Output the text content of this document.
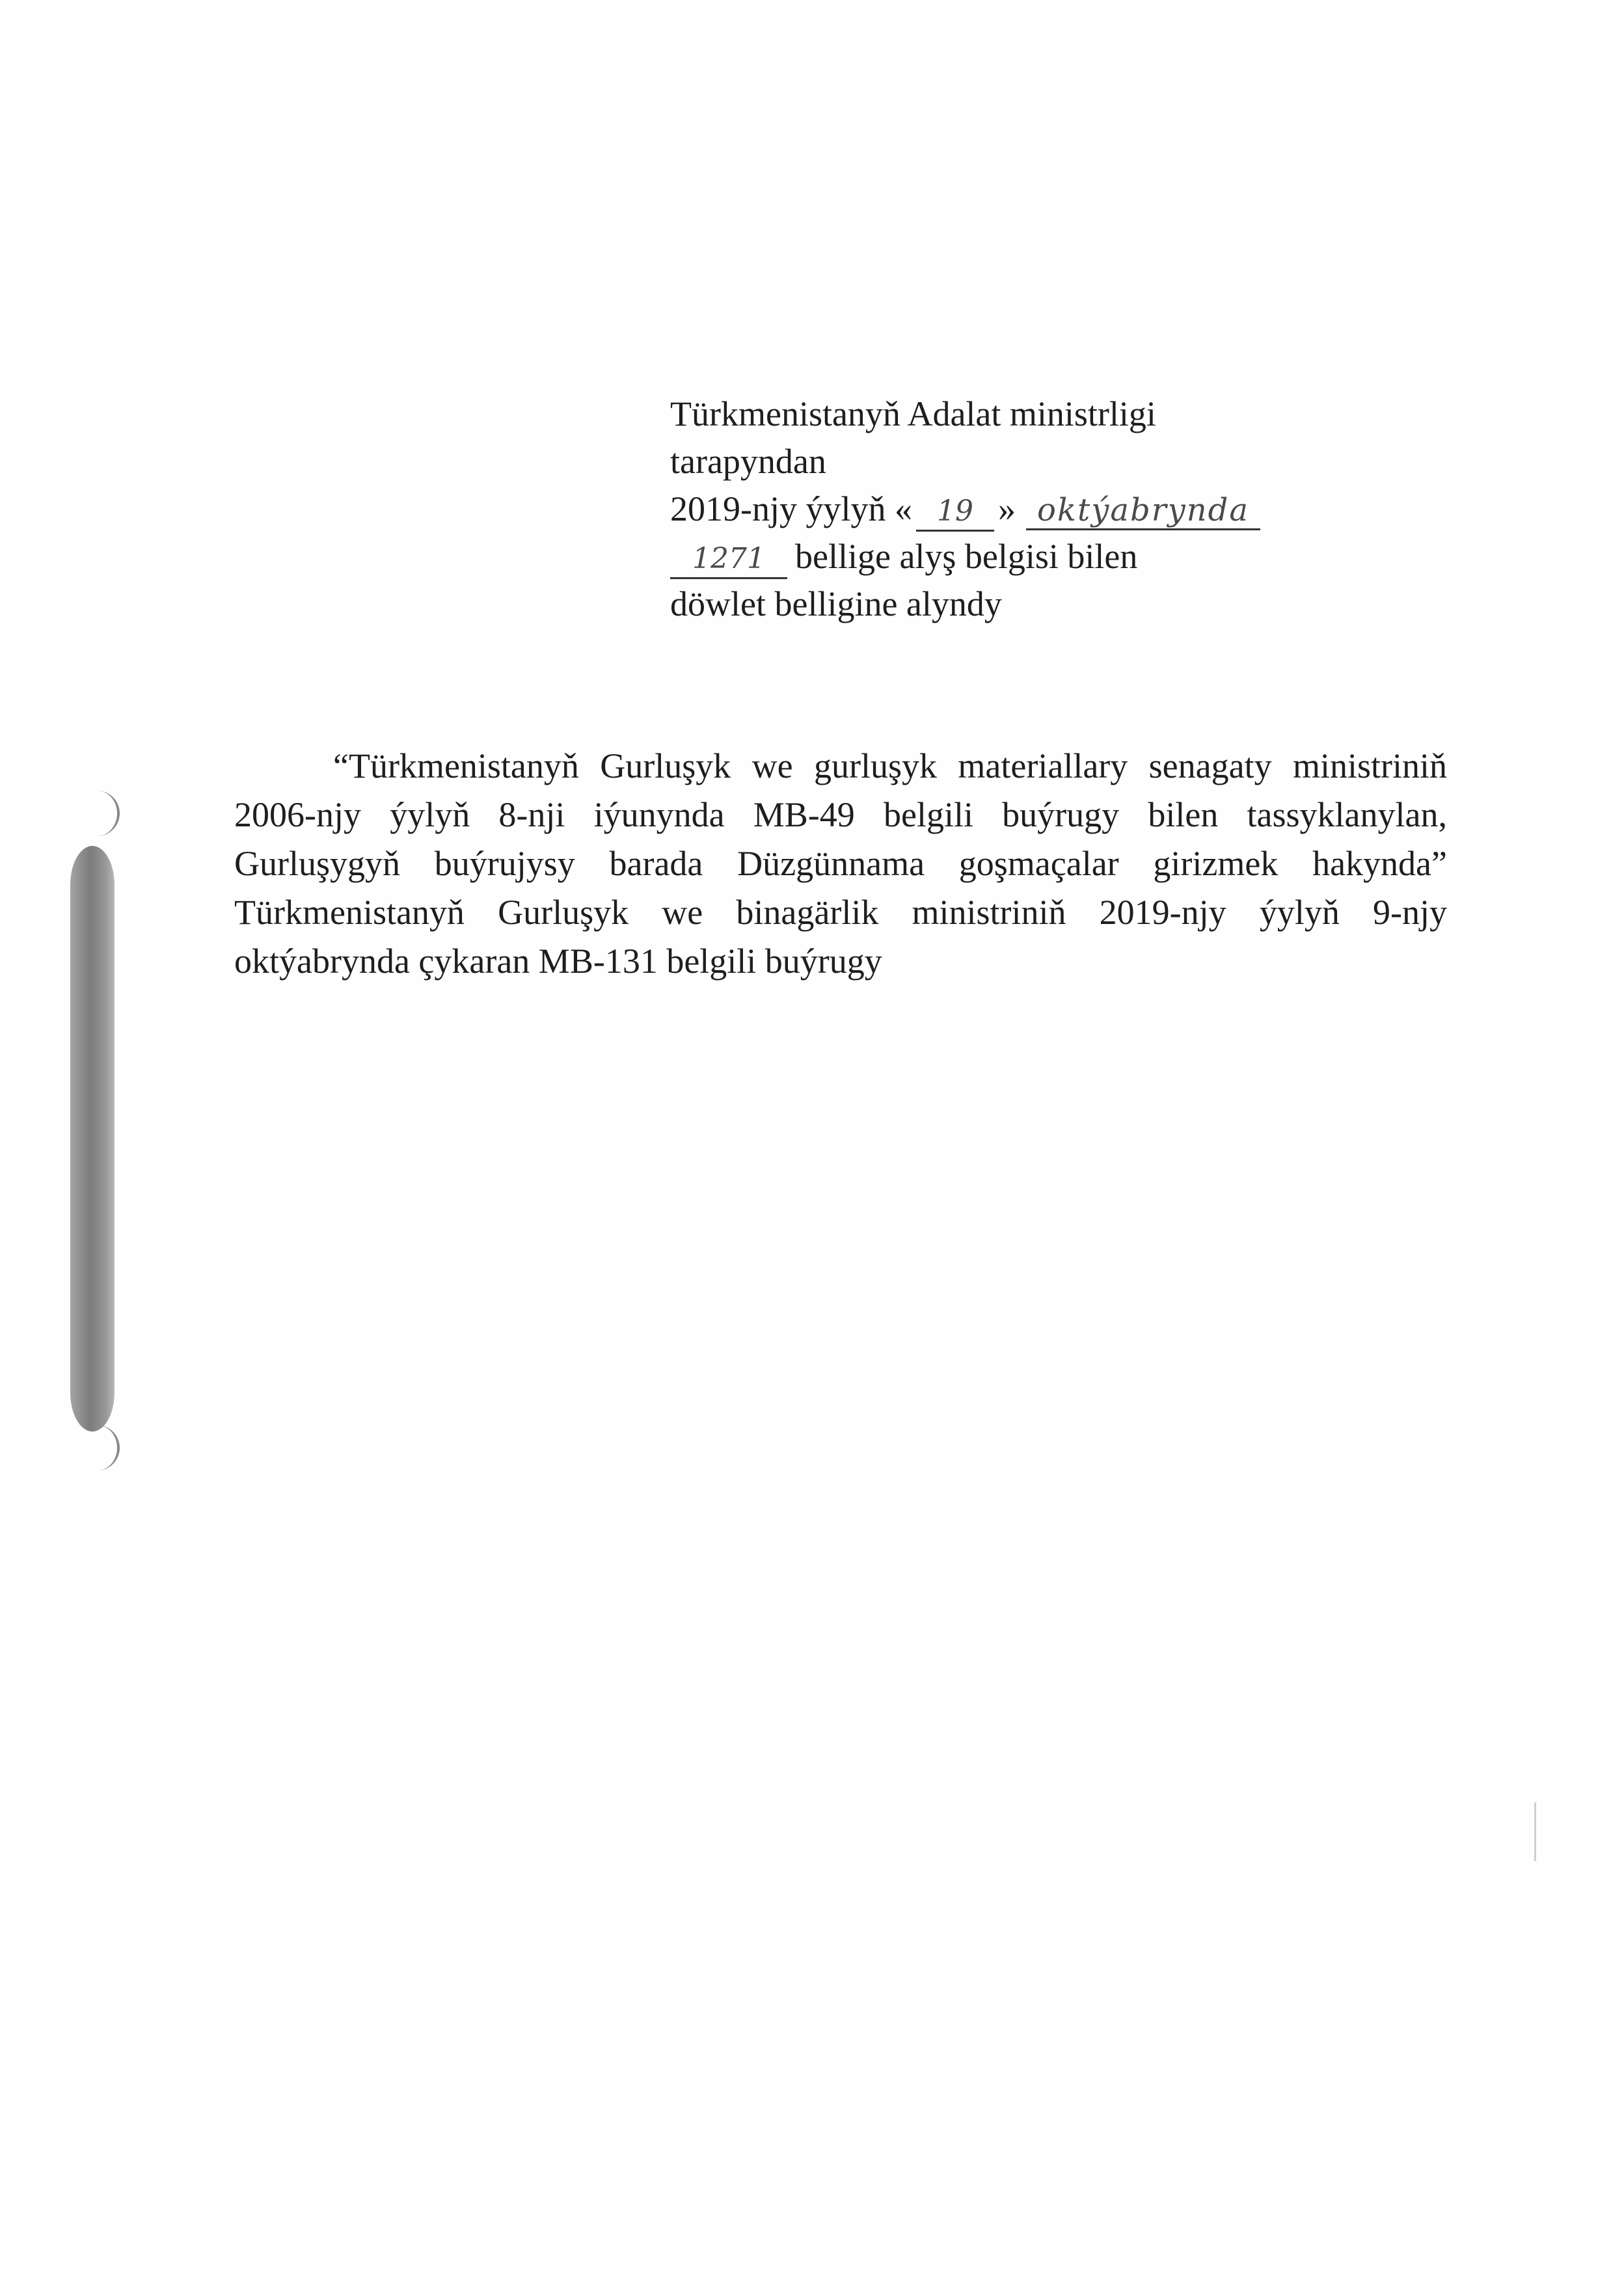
Türkmenistanyň Adalat ministrligi
tarapyndan
2019-njy ýylyň « 19 » oktýabrynda
1271 bellige alyş belgisi bilen
döwlet belligine alyndy

“Türkmenistanyň Gurluşyk we gurluşyk materiallary senagaty ministriniň 2006-njy ýylyň 8-nji iýunynda MB-49 belgili buýrugy bilen tassyklanylan, Gurluşygyň buýrujysy barada Düzgünnama goşmaçalar girizmek hakynda” Türkmenistanyň Gurluşyk we binagärlik ministriniň 2019-njy ýylyň 9-njy oktýabrynda çykaran MB-131 belgili buýrugy
